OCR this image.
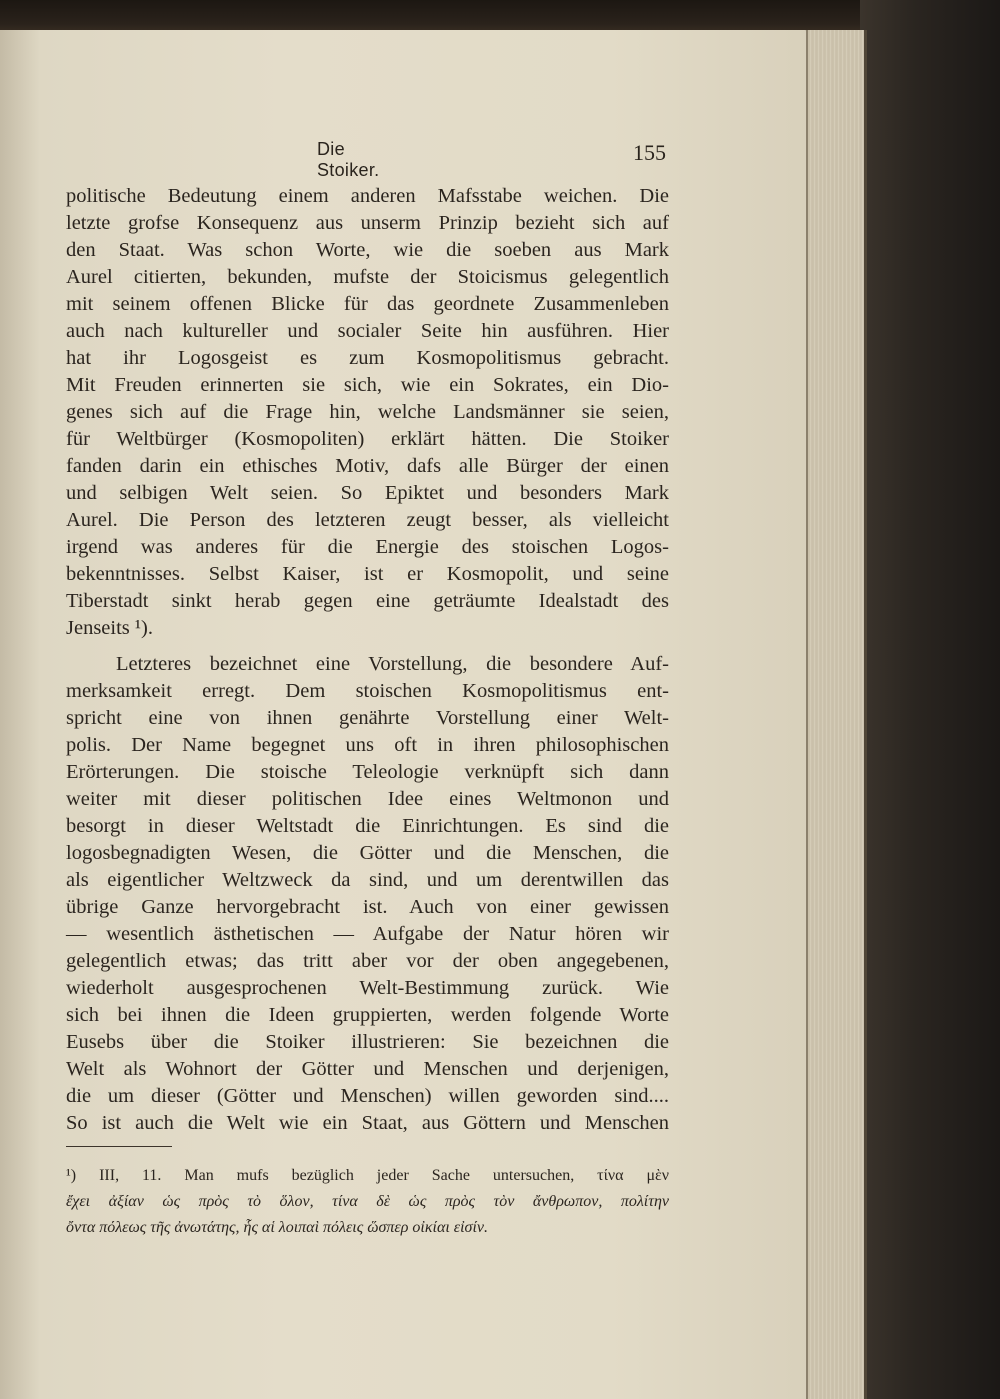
Die Stoiker.
155
politische Bedeutung einem anderen Mafsstabe weichen. Die
letzte grofse Konsequenz aus unserm Prinzip bezieht sich auf
den Staat. Was schon Worte, wie die soeben aus Mark
Aurel citierten, bekunden, mufste der Stoicismus gelegentlich
mit seinem offenen Blicke für das geordnete Zusammenleben
auch nach kultureller und socialer Seite hin ausführen. Hier
hat ihr Logosgeist es zum Kosmopolitismus gebracht.
Mit Freuden erinnerten sie sich, wie ein Sokrates, ein Dio-
genes sich auf die Frage hin, welche Landsmänner sie seien,
für Weltbürger (Kosmopoliten) erklärt hätten. Die Stoiker
fanden darin ein ethisches Motiv, dafs alle Bürger der einen
und selbigen Welt seien. So Epiktet und besonders Mark
Aurel. Die Person des letzteren zeugt besser, als vielleicht
irgend was anderes für die Energie des stoischen Logos-
bekenntnisses. Selbst Kaiser, ist er Kosmopolit, und seine
Tiberstadt sinkt herab gegen eine geträumte Idealstadt des
Jenseits ¹).
Letzteres bezeichnet eine Vorstellung, die besondere Auf-
merksamkeit erregt. Dem stoischen Kosmopolitismus ent-
spricht eine von ihnen genährte Vorstellung einer Welt-
polis. Der Name begegnet uns oft in ihren philosophischen
Erörterungen. Die stoische Teleologie verknüpft sich dann
weiter mit dieser politischen Idee eines Weltmonon und
besorgt in dieser Weltstadt die Einrichtungen. Es sind die
logosbegnadigten Wesen, die Götter und die Menschen, die
als eigentlicher Weltzweck da sind, und um derentwillen das
übrige Ganze hervorgebracht ist. Auch von einer gewissen
— wesentlich ästhetischen — Aufgabe der Natur hören wir
gelegentlich etwas; das tritt aber vor der oben angegebenen,
wiederholt ausgesprochenen Welt-Bestimmung zurück. Wie
sich bei ihnen die Ideen gruppierten, werden folgende Worte
Eusebs über die Stoiker illustrieren: Sie bezeichnen die
Welt als Wohnort der Götter und Menschen und derjenigen,
die um dieser (Götter und Menschen) willen geworden sind....
So ist auch die Welt wie ein Staat, aus Göttern und Menschen
¹) III, 11. Man mufs bezüglich jeder Sache untersuchen, τίνα μὲν
ἔχει ἀξίαν ὡς πρὸς τὸ ὅλον, τίνα δὲ ὡς πρὸς τὸν ἄνθρωπον, πολίτην
ὄντα πόλεως τῆς ἀνωτάτης, ἧς αἱ λοιπαὶ πόλεις ὥσπερ οἰκίαι εἰσίν.
